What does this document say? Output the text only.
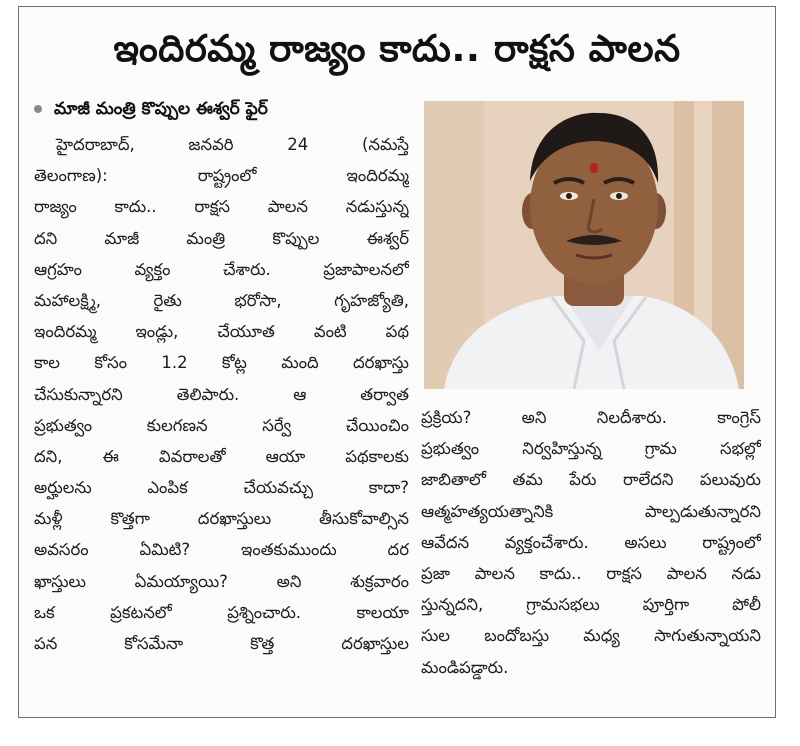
ఇందిరమ్మ రాజ్యం కాదు.. రాక్షస పాలన
మాజీ మంత్రి కొప్పుల ఈశ్వర్‌ ఫైర్‌
హైదరాబాద్‌, జనవరి 24 (నమస్తే
తెలంగాణ): రాష్ట్రంలో ఇందిరమ్మ
రాజ్యం కాదు.. రాక్షస పాలన నడుస్తున్న
దని మాజీ మంత్రి కొప్పుల ఈశ్వర్‌
ఆగ్రహం వ్యక్తం చేశారు. ప్రజాపాలనలో
మహాలక్ష్మి, రైతు భరోసా, గృహజ్యోతి,
ఇందిరమ్మ ఇండ్లు, చేయూత వంటి పథ
కాల కోసం 1.2 కోట్ల మంది దరఖాస్తు
చేసుకున్నారని తెలిపారు. ఆ తర్వాత
ప్రభుత్వం కులగణన సర్వే చేయించిం
దని, ఈ వివరాలతో ఆయా పథకాలకు
అర్హులను ఎంపిక చేయవచ్చు కాదా?
మళ్లీ కొత్తగా దరఖాస్తులు తీసుకోవాల్సిన
అవసరం ఏమిటి? ఇంతకుముందు దర
ఖాస్తులు ఏమయ్యాయి? అని శుక్రవారం
ఒక ప్రకటనలో ప్రశ్నించారు. కాలయా
పన కోసమేనా కొత్త దరఖాస్తుల
ప్రక్రియ? అని నిలదీశారు. కాంగ్రెస్‌
ప్రభుత్వం నిర్వహిస్తున్న గ్రామ సభల్లో
జాబితాలో తమ పేరు రాలేదని పలువురు
ఆత్మహత్యయత్నానికి పాల్పడుతున్నారని
ఆవేదన వ్యక్తంచేశారు. అసలు రాష్ట్రంలో
ప్రజా పాలన కాదు.. రాక్షస పాలన నడు
స్తున్నదని, గ్రామసభలు పూర్తిగా పోలీ
సుల బందోబస్తు మధ్య సాగుతున్నాయని
మండిపడ్డారు.
